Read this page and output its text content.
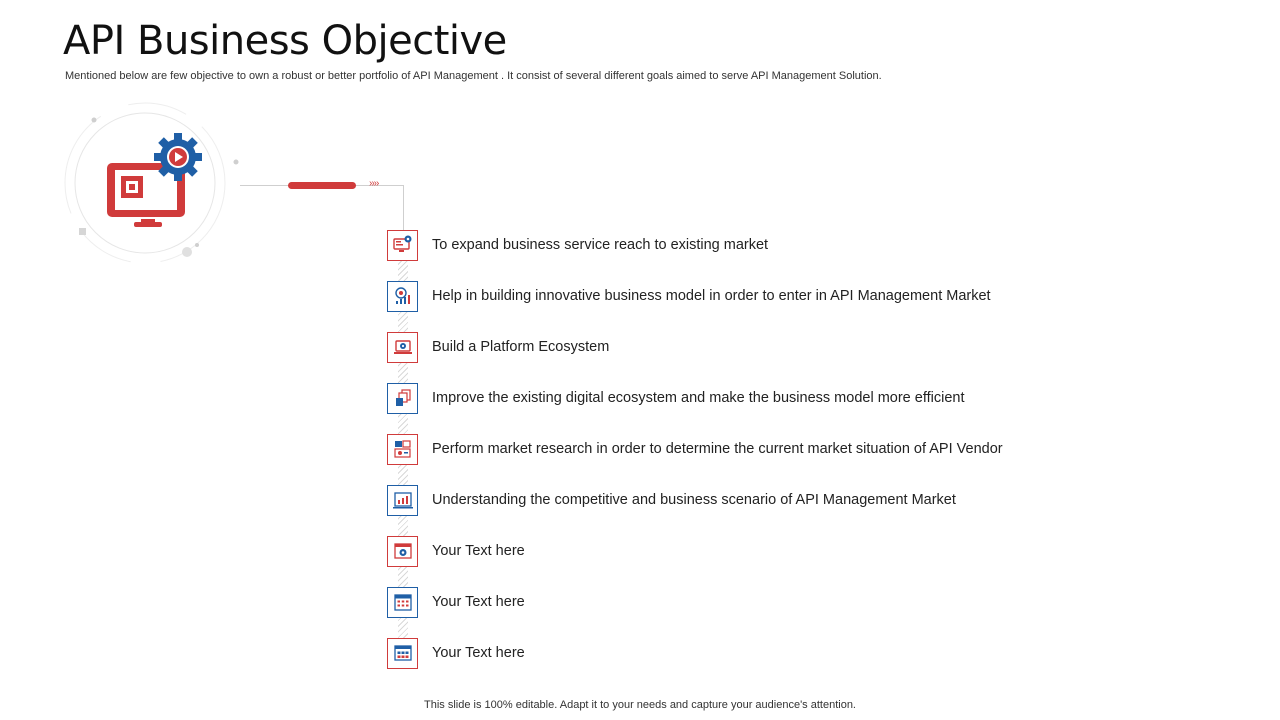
API Business Objective
Mentioned below are few objective to own a robust or better portfolio of API Management . It consist of several different goals aimed to serve API Management Solution.
››››
To expand business service reach to existing market
Help in building innovative business model in order to enter in API Management Market
Build a Platform Ecosystem
Improve the existing digital ecosystem and make the business model more efficient
Perform market research in order to determine the current market situation of API Vendor
Understanding the competitive and business scenario of API Management Market
Your Text here
Your Text here
Your Text here
This slide is 100% editable. Adapt it to your needs and capture your audience's attention.
